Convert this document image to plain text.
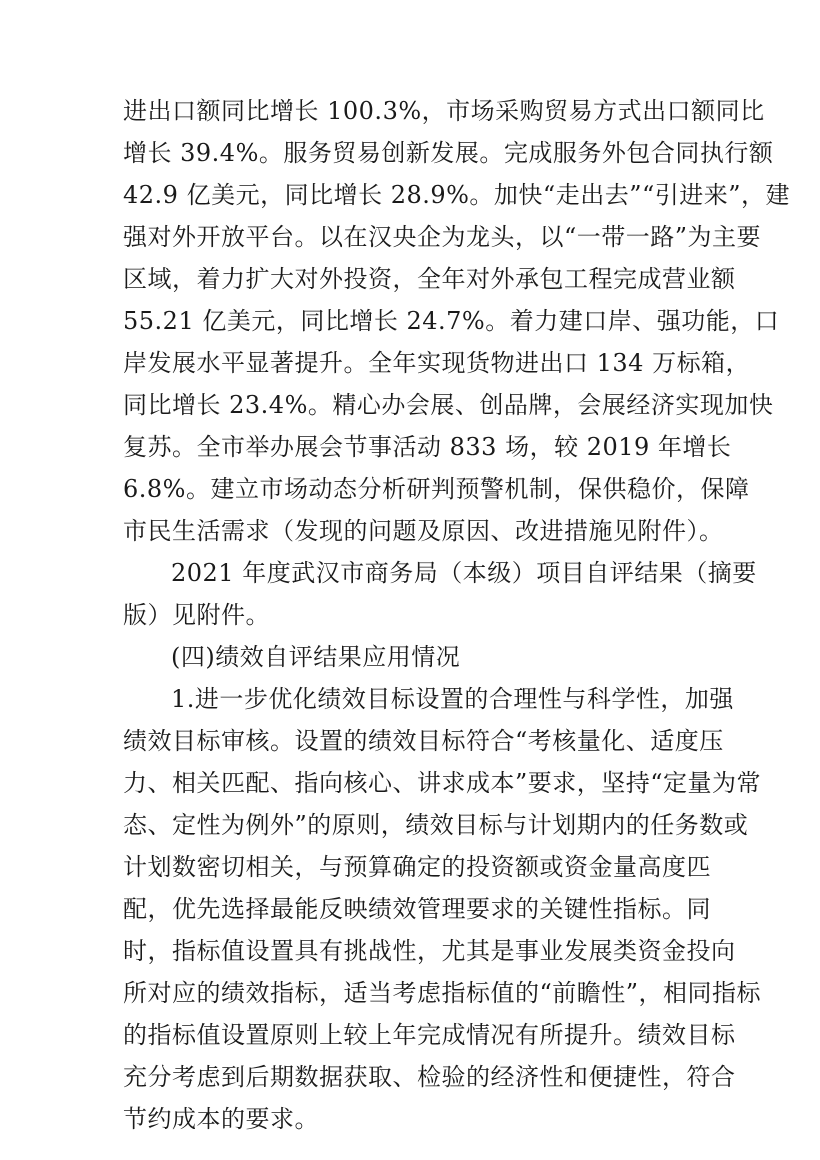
进出口额同比增长 100.3%，市场采购贸易方式出口额同比
增长 39.4%。服务贸易创新发展。完成服务外包合同执行额
42.9 亿美元，同比增长 28.9%。加快“走出去”“引进来”，建
强对外开放平台。以在汉央企为龙头，以“一带一路”为主要
区域，着力扩大对外投资，全年对外承包工程完成营业额
55.21 亿美元，同比增长 24.7%。着力建口岸、强功能，口
岸发展水平显著提升。全年实现货物进出口 134 万标箱，
同比增长 23.4%。精心办会展、创品牌，会展经济实现加快
复苏。全市举办展会节事活动 833 场，较 2019 年增长
6.8%。建立市场动态分析研判预警机制，保供稳价，保障
市民生活需求（发现的问题及原因、改进措施见附件）。
2021 年度武汉市商务局（本级）项目自评结果（摘要
版）见附件。
(四)绩效自评结果应用情况
1.进一步优化绩效目标设置的合理性与科学性，加强
绩效目标审核。设置的绩效目标符合“考核量化、适度压
力、相关匹配、指向核心、讲求成本”要求，坚持“定量为常
态、定性为例外”的原则，绩效目标与计划期内的任务数或
计划数密切相关，与预算确定的投资额或资金量高度匹
配，优先选择最能反映绩效管理要求的关键性指标。同
时，指标值设置具有挑战性，尤其是事业发展类资金投向
所对应的绩效指标，适当考虑指标值的“前瞻性”，相同指标
的指标值设置原则上较上年完成情况有所提升。绩效目标
充分考虑到后期数据获取、检验的经济性和便捷性，符合
节约成本的要求。
